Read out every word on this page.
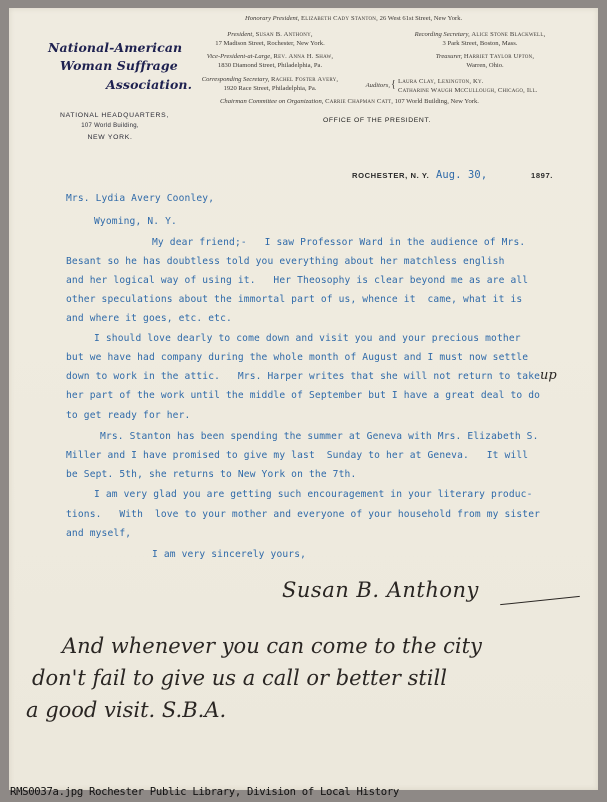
National-American
Woman Suffrage
Association.
NATIONAL HEADQUARTERS,
107 World Building,
NEW YORK.
Honorary President, Elizabeth Cady Stanton, 26 West 61st Street, New York.
President, Susan B. Anthony,
17 Madison Street, Rochester, New York.
Recording Secretary, Alice Stone Blackwell,
3 Park Street, Boston, Mass.
Vice-President-at-Large, Rev. Anna H. Shaw,
1830 Diamond Street, Philadelphia, Pa.
Treasurer, Harriet Taylor Upton,
Warren, Ohio.
Corresponding Secretary, Rachel Foster Avery,
1920 Race Street, Philadelphia, Pa.	Auditors, { Laura Clay, Lexington, Ky.
Catharine Waugh McCullough, Chicago, Ill.
Chairman Committee on Organization, Carrie Chapman Catt, 107 World Building, New York.
OFFICE OF THE PRESIDENT.
ROCHESTER, N. Y. Aug. 30,	1897.
Mrs. Lydia Avery Coonley,
Wyoming, N. Y.
My dear friend;-   I saw Professor Ward in the audience of Mrs.
Besant so he has doubtless told you everything about her matchless english
and her logical way of using it.   Her Theosophy is clear beyond me as are all
other speculations about the immortal part of us, whence it  came, what it is
and where it goes, etc. etc.
I should love dearly to come down and visit you and your precious mother
but we have had company during the whole month of August and I must now settle
down to work in the attic.   Mrs. Harper writes that she will not return to take up
her part of the work until the middle of September but I have a great deal to do
to get ready for her.
Mrs. Stanton has been spending the summer at Geneva with Mrs. Elizabeth S.
Miller and I have promised to give my last  Sunday to her at Geneva.   It will
be Sept. 5th, she returns to New York on the 7th.
I am very glad you are getting such encouragement in your literary produc-
tions.   With  love to your mother and everyone of your household from my sister
and myself,
I am very sincerely yours,
Susan B. Anthony
And whenever you can come to the city
don't fail to give us a call or better still
a good visit. S.B.A.
RMS0037a.jpg Rochester Public Library, Division of Local History
